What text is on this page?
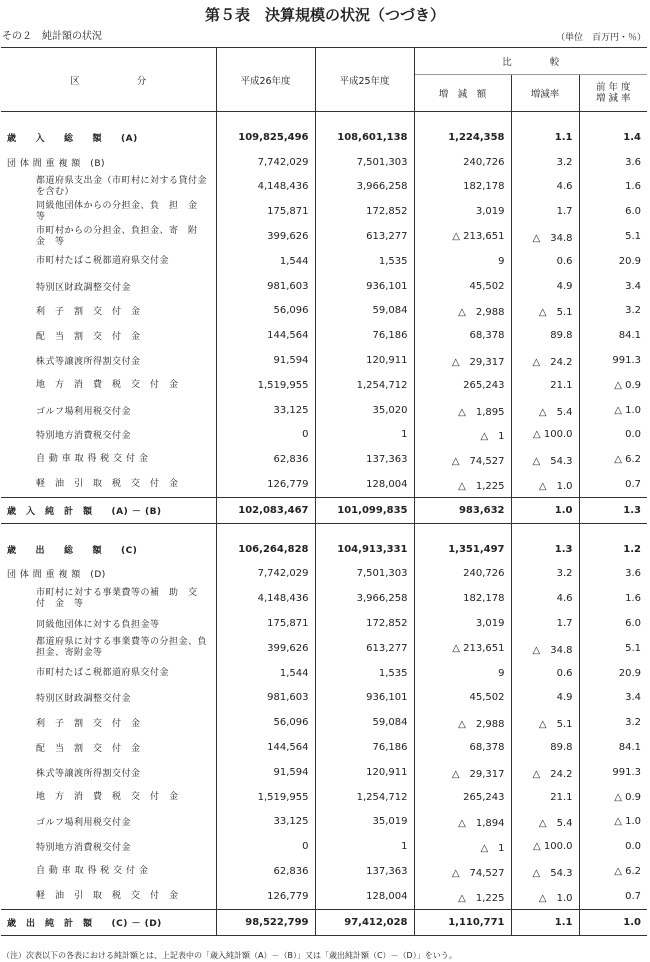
第５表　決算規模の状況（つづき）
その２　純計額の状況	（単位　百万円・％）
区　　　　　　分	平成26年度	平成25年度	比　　　　較		
			増　減　額	増減率	前 年 度
増 減 率

歳　　入　　総　　額　　(A)	109,825,496	108,601,138	1,224,358	1.1	1.4
団 体 間 重 複 額　(B)	7,742,029	7,501,303	240,726	3.2	3.6
都道府県支出金（市町村に対する貸付金を含む）	4,148,436	3,966,258	182,178	4.6	1.6
同級他団体からの分担金、負　担　金　等	175,871	172,852	3,019	1.7	6.0
市町村からの分担金、負担金、寄　附　金　等	399,626	613,277	△ 213,651	△　34.8	5.1
市町村たばこ税都道府県交付金	1,544	1,535	9	0.6	20.9
特別区財政調整交付金	981,603	936,101	45,502	4.9	3.4
利　子　割　交　付　金	56,096	59,084	△　2,988	△　5.1	3.2
配　当　割　交　付　金	144,564	76,186	68,378	89.8	84.1
株式等譲渡所得割交付金	91,594	120,911	△　29,317	△　24.2	991.3
地　方　消　費　税　交　付　金	1,519,955	1,254,712	265,243	21.1	△ 0.9
ゴルフ場利用税交付金	33,125	35,020	△　1,895	△　5.4	△ 1.0
特別地方消費税交付金	0	1	△　1	△ 100.0	0.0
自 動 車 取 得 税 交 付 金	62,836	137,363	△　74,527	△　54.3	△ 6.2
軽　油　引　取　税　交　付　金	126,779	128,004	△　1,225	△　1.0	0.7
歳　入　純　計　額　　(A) － (B)	102,083,467	101,099,835	983,632	1.0	1.3

歳　　出　　総　　額　　(C)	106,264,828	104,913,331	1,351,497	1.3	1.2
団 体 間 重 複 額　(D)	7,742,029	7,501,303	240,726	3.2	3.6
市町村に対する事業費等の補　助　交　付　金　等	4,148,436	3,966,258	182,178	4.6	1.6
同級他団体に対する負担金等	175,871	172,852	3,019	1.7	6.0
都道府県に対する事業費等の分担金、負担金、寄附金等	399,626	613,277	△ 213,651	△　34.8	5.1
市町村たばこ税都道府県交付金	1,544	1,535	9	0.6	20.9
特別区財政調整交付金	981,603	936,101	45,502	4.9	3.4
利　子　割　交　付　金	56,096	59,084	△　2,988	△　5.1	3.2
配　当　割　交　付　金	144,564	76,186	68,378	89.8	84.1
株式等譲渡所得割交付金	91,594	120,911	△　29,317	△　24.2	991.3
地　方　消　費　税　交　付　金	1,519,955	1,254,712	265,243	21.1	△ 0.9
ゴルフ場利用税交付金	33,125	35,019	△　1,894	△　5.4	△ 1.0
特別地方消費税交付金	0	1	△　1	△ 100.0	0.0
自 動 車 取 得 税 交 付 金	62,836	137,363	△　74,527	△　54.3	△ 6.2
軽　油　引　取　税　交　付　金	126,779	128,004	△　1,225	△　1.0	0.7
歳　出　純　計　額　　(C) － (D)	98,522,799	97,412,028	1,110,771	1.1	1.0
（注）次表以下の各表における純計額とは、上記表中の「歳入純計額（A）－（B）」又は「歳出純計額（C）－（D）」をいう。
